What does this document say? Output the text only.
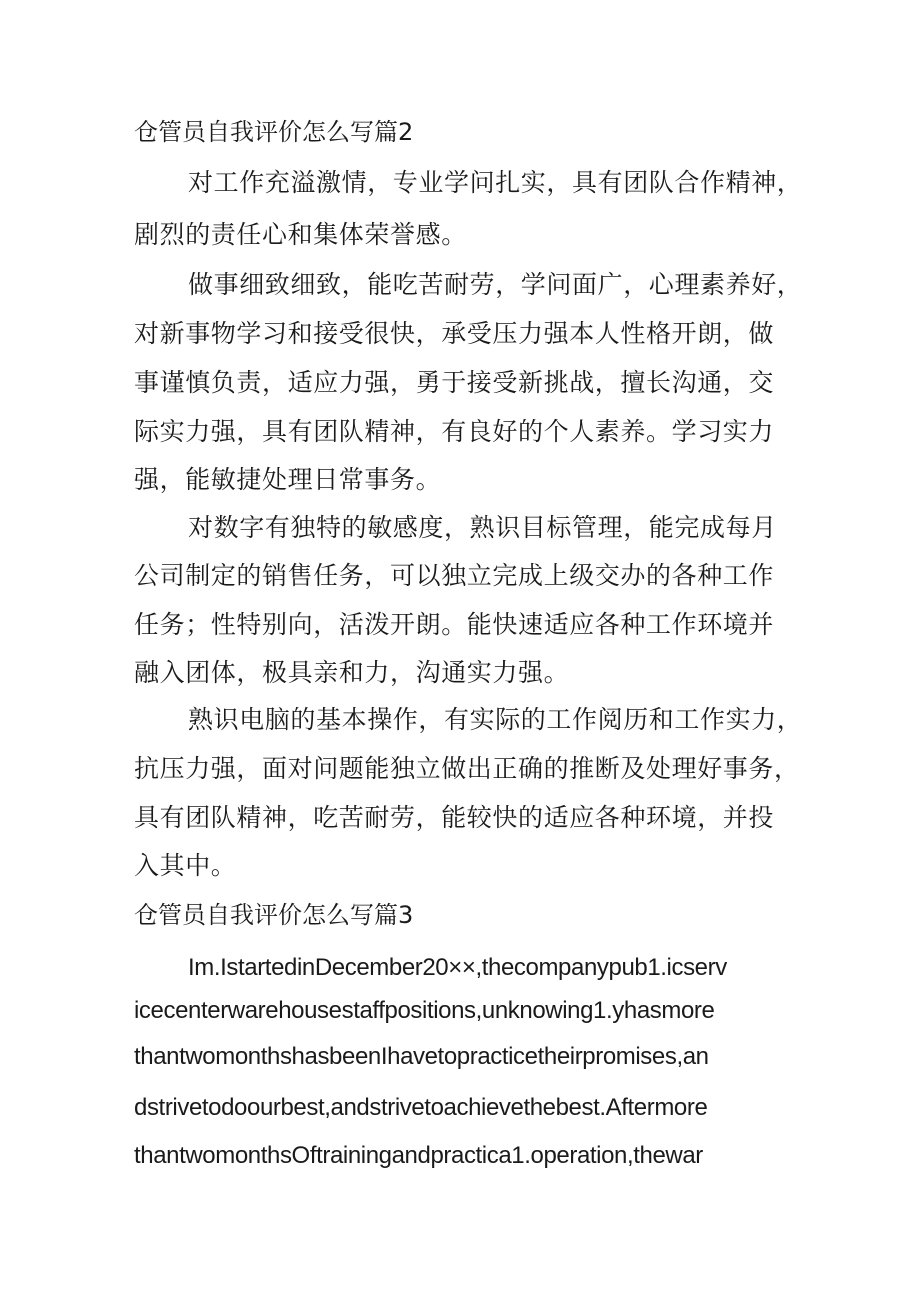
仓管员自我评价怎么写篇2
对工作充溢激情，专业学问扎实，具有团队合作精神，
剧烈的责任心和集体荣誉感。
做事细致细致，能吃苦耐劳，学问面广，心理素养好，
对新事物学习和接受很快，承受压力强本人性格开朗，做
事谨慎负责，适应力强，勇于接受新挑战，擅长沟通，交
际实力强，具有团队精神，有良好的个人素养。学习实力
强，能敏捷处理日常事务。
对数字有独特的敏感度，熟识目标管理，能完成每月
公司制定的销售任务，可以独立完成上级交办的各种工作
任务；性特别向，活泼开朗。能快速适应各种工作环境并
融入团体，极具亲和力，沟通实力强。
熟识电脑的基本操作，有实际的工作阅历和工作实力，
抗压力强，面对问题能独立做出正确的推断及处理好事务，
具有团队精神，吃苦耐劳，能较快的适应各种环境，并投
入其中。
仓管员自我评价怎么写篇3
Im.IstartedinDecember20××,thecompanypub1.icserv
icecenterwarehousestaffpositions,unknowing1.yhasmore
thantwomonthshasbeenIhavetopracticetheirpromises,an
dstrivetodoourbest,andstrivetoachievethebest.Aftermore
thantwomonthsOftrainingandpractica1.operation,thewar
